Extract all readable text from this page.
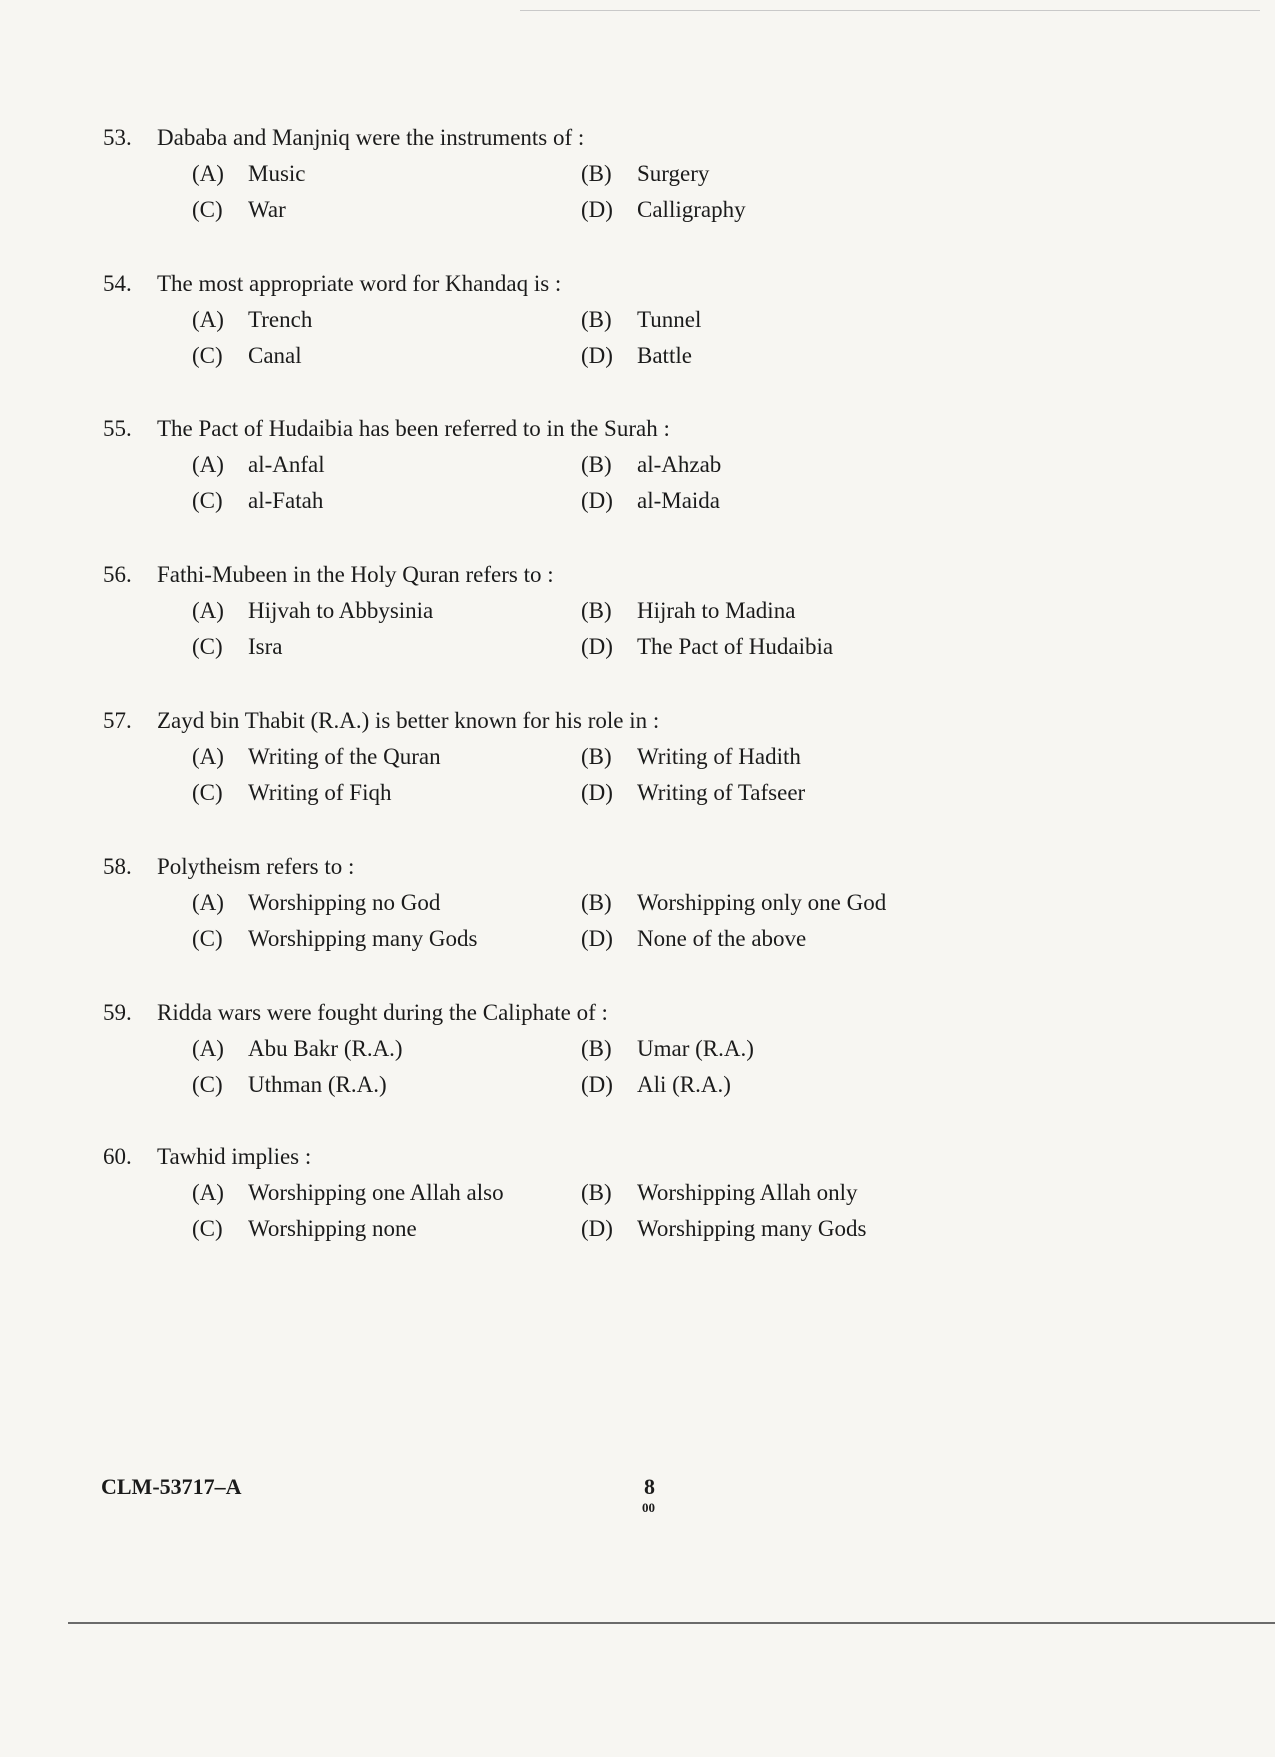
53. Dababa and Manjniq were the instruments of :
(A) Music	(B) Surgery
(C) War	(D) Calligraphy
54. The most appropriate word for Khandaq is :
(A) Trench	(B) Tunnel
(C) Canal	(D) Battle
55. The Pact of Hudaibia has been referred to in the Surah :
(A) al-Anfal	(B) al-Ahzab
(C) al-Fatah	(D) al-Maida
56. Fathi-Mubeen in the Holy Quran refers to :
(A) Hijvah to Abbysinia	(B) Hijrah to Madina
(C) Isra	(D) The Pact of Hudaibia
57. Zayd bin Thabit (R.A.) is better known for his role in :
(A) Writing of the Quran	(B) Writing of Hadith
(C) Writing of Fiqh	(D) Writing of Tafseer
58. Polytheism refers to :
(A) Worshipping no God	(B) Worshipping only one God
(C) Worshipping many Gods	(D) None of the above
59. Ridda wars were fought during the Caliphate of :
(A) Abu Bakr (R.A.)	(B) Umar (R.A.)
(C) Uthman (R.A.)	(D) Ali (R.A.)
60. Tawhid implies :
(A) Worshipping one Allah also	(B) Worshipping Allah only
(C) Worshipping none	(D) Worshipping many Gods
CLM-53717–A	8
00
